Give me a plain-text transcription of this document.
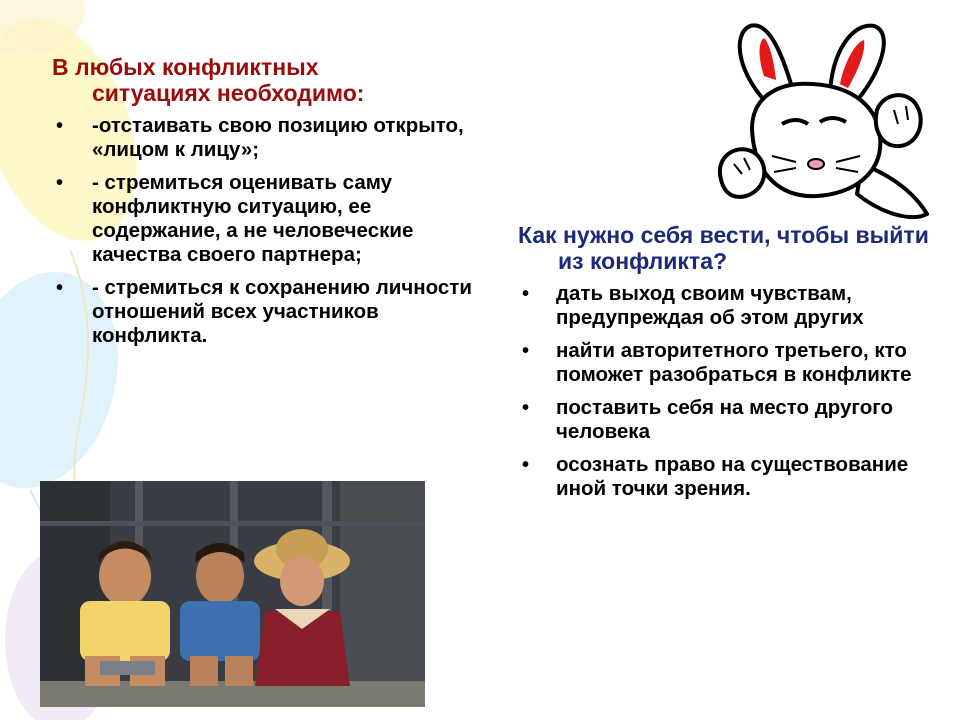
В любых конфликтных ситуациях необходимо:

• -отстаивать свою позицию открыто, «лицом к лицу»;
• - стремиться оценивать саму конфликтную ситуацию, ее содержание, а не человеческие качества своего партнера;
• - стремиться к сохранению личности отношений всех участников конфликта.

Как нужно себя вести, чтобы выйти из конфликта?

• дать выход своим чувствам, предупреждая об этом других
• найти авторитетного третьего, кто поможет разобраться в конфликте
• поставить себя на место другого человека
• осознать право на существование иной точки зрения.
